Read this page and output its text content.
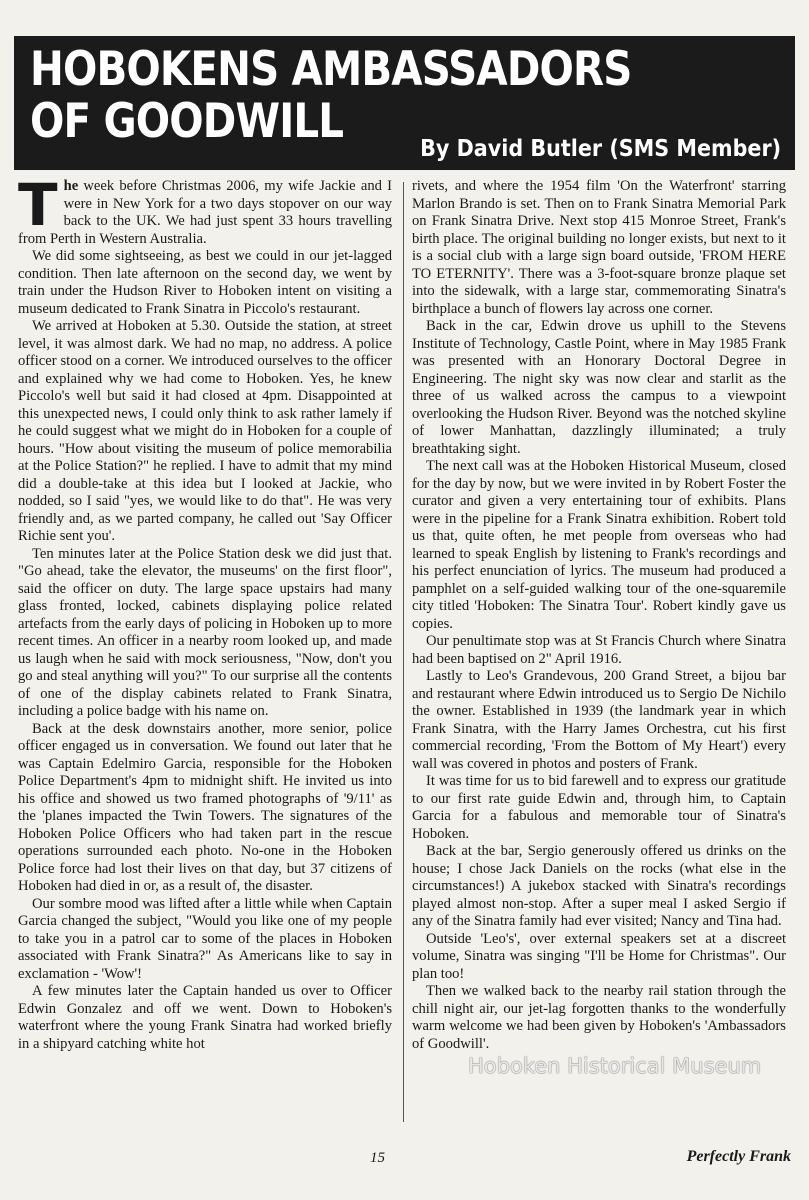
HOBOKENS AMBASSADORS
OF GOODWILL	By David Butler (SMS Member)

The week before Christmas 2006, my wife Jackie and I were in New York for a two days stopover on our way back to the UK. We had just spent 33 hours travelling from Perth in Western Australia.

We did some sightseeing, as best we could in our jet-lagged condition. Then late afternoon on the second day, we went by train under the Hudson River to Hoboken intent on visiting a museum dedicated to Frank Sinatra in Piccolo's restaurant.

We arrived at Hoboken at 5.30. Outside the station, at street level, it was almost dark. We had no map, no address. A police officer stood on a corner. We introduced ourselves to the officer and explained why we had come to Hoboken. Yes, he knew Piccolo's well but said it had closed at 4pm. Disappointed at this unexpected news, I could only think to ask rather lamely if he could suggest what we might do in Hoboken for a couple of hours. "How about visiting the museum of police memorabilia at the Police Station?" he replied. I have to admit that my mind did a double-take at this idea but I looked at Jackie, who nodded, so I said "yes, we would like to do that". He was very friendly and, as we parted company, he called out 'Say Officer Richie sent you'.

Ten minutes later at the Police Station desk we did just that. "Go ahead, take the elevator, the museums' on the first floor", said the officer on duty. The large space upstairs had many glass fronted, locked, cabinets displaying police related artefacts from the early days of policing in Hoboken up to more recent times. An officer in a nearby room looked up, and made us laugh when he said with mock seriousness, "Now, don't you go and steal anything will you?" To our surprise all the contents of one of the display cabinets related to Frank Sinatra, including a police badge with his name on.

Back at the desk downstairs another, more senior, police officer engaged us in conversation. We found out later that he was Captain Edelmiro Garcia, responsible for the Hoboken Police Department's 4pm to midnight shift. He invited us into his office and showed us two framed photographs of '9/11' as the 'planes impacted the Twin Towers. The signatures of the Hoboken Police Officers who had taken part in the rescue operations surrounded each photo. No-one in the Hoboken Police force had lost their lives on that day, but 37 citizens of Hoboken had died in or, as a result of, the disaster.

Our sombre mood was lifted after a little while when Captain Garcia changed the subject, "Would you like one of my people to take you in a patrol car to some of the places in Hoboken associated with Frank Sinatra?" As Americans like to say in exclamation - 'Wow'!

A few minutes later the Captain handed us over to Officer Edwin Gonzalez and off we went. Down to Hoboken's waterfront where the young Frank Sinatra had worked briefly in a shipyard catching white hot

rivets, and where the 1954 film 'On the Waterfront' starring Marlon Brando is set. Then on to Frank Sinatra Memorial Park on Frank Sinatra Drive. Next stop 415 Monroe Street, Frank's birth place. The original building no longer exists, but next to it is a social club with a large sign board outside, 'FROM HERE TO ETERNITY'. There was a 3-foot-square bronze plaque set into the sidewalk, with a large star, commemorating Sinatra's birthplace a bunch of flowers lay across one corner.

Back in the car, Edwin drove us uphill to the Stevens Institute of Technology, Castle Point, where in May 1985 Frank was presented with an Honorary Doctoral Degree in Engineering. The night sky was now clear and starlit as the three of us walked across the campus to a viewpoint overlooking the Hudson River. Beyond was the notched skyline of lower Manhattan, dazzlingly illuminated; a truly breathtaking sight.

The next call was at the Hoboken Historical Museum, closed for the day by now, but we were invited in by Robert Foster the curator and given a very entertaining tour of exhibits. Plans were in the pipeline for a Frank Sinatra exhibition. Robert told us that, quite often, he met people from overseas who had learned to speak English by listening to Frank's recordings and his perfect enunciation of lyrics. The museum had produced a pamphlet on a self-guided walking tour of the one-squaremile city titled 'Hoboken: The Sinatra Tour'. Robert kindly gave us copies.

Our penultimate stop was at St Francis Church where Sinatra had been baptised on 2" April 1916.

Lastly to Leo's Grandevous, 200 Grand Street, a bijou bar and restaurant where Edwin introduced us to Sergio De Nichilo the owner. Established in 1939 (the landmark year in which Frank Sinatra, with the Harry James Orchestra, cut his first commercial recording, 'From the Bottom of My Heart') every wall was covered in photos and posters of Frank.

It was time for us to bid farewell and to express our gratitude to our first rate guide Edwin and, through him, to Captain Garcia for a fabulous and memorable tour of Sinatra's Hoboken.

Back at the bar, Sergio generously offered us drinks on the house; I chose Jack Daniels on the rocks (what else in the circumstances!) A jukebox stacked with Sinatra's recordings played almost non-stop. After a super meal I asked Sergio if any of the Sinatra family had ever visited; Nancy and Tina had.

Outside 'Leo's', over external speakers set at a discreet volume, Sinatra was singing "I'll be Home for Christmas". Our plan too!

Then we walked back to the nearby rail station through the chill night air, our jet-lag forgotten thanks to the wonderfully warm welcome we had been given by Hoboken's 'Ambassadors of Goodwill'.

15	Perfectly Frank
Hoboken Historical Museum
